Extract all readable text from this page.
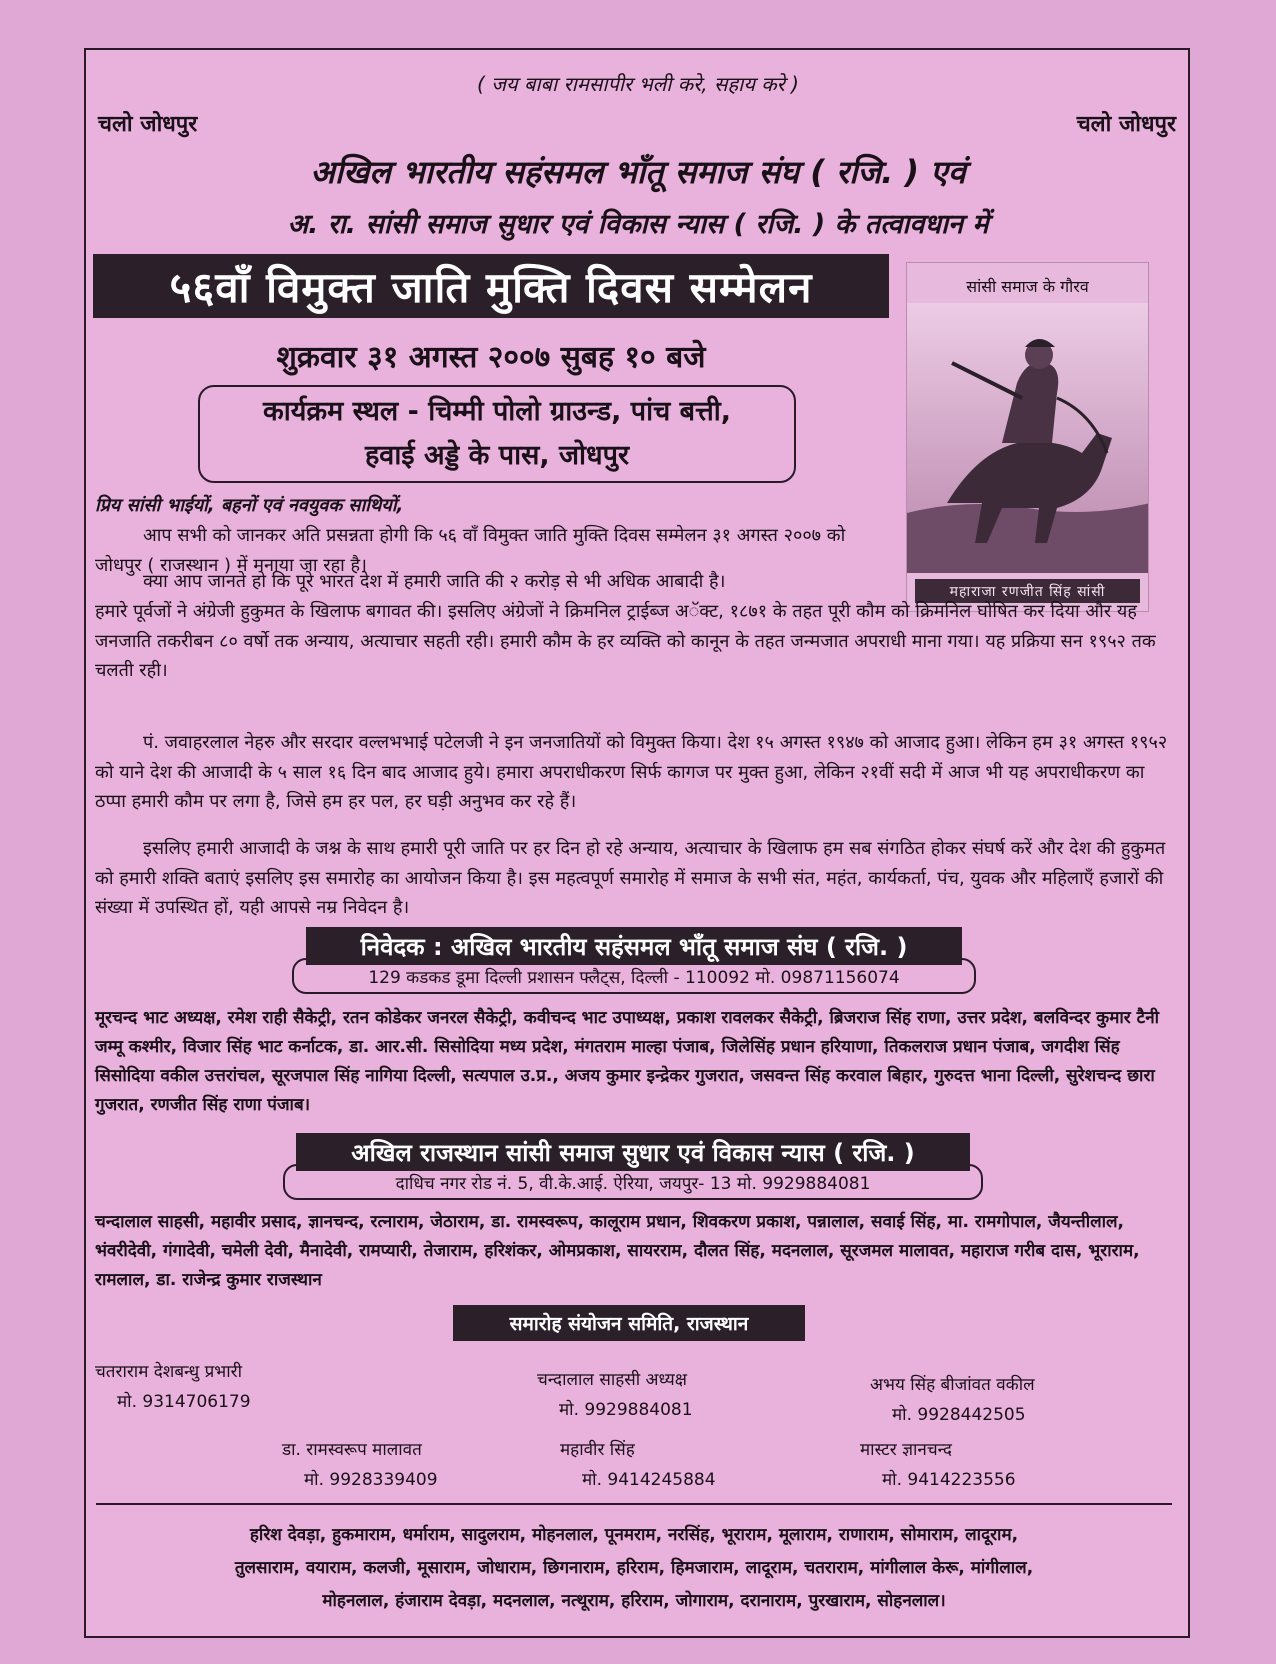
( जय बाबा रामसापीर भली करे, सहाय करे )

चलो जोधपुर	चलो जोधपुर

अखिल भारतीय सहंसमल भाँतू समाज संघ ( रजि. ) एवं

अ. रा. सांसी समाज सुधार एवं विकास न्यास ( रजि. ) के तत्वावधान में

५६वाँ विमुक्त जाति मुक्ति दिवस सम्मेलन

शुक्रवार ३१ अगस्त २००७ सुबह १० बजे

कार्यक्रम स्थल - चिम्मी पोलो ग्राउन्ड, पांच बत्ती,
हवाई अड्डे के पास, जोधपुर
सांसी समाज के गौरव
महाराजा रणजीत सिंह सांसी

प्रिय सांसी भाईयों, बहनों एवं नवयुवक साथियों,

आप सभी को जानकर अति प्रसन्नता होगी कि ५६ वाँ विमुक्त जाति मुक्ति दिवस सम्मेलन ३१ अगस्त २००७ को जोधपुर ( राजस्थान ) में मनाया जा रहा है।

क्या आप जानते हो कि पूरे भारत देश में हमारी जाति की २ करोड़ से भी अधिक आबादी है।

हमारे पूर्वजों ने अंग्रेजी हुकुमत के खिलाफ बगावत की। इसलिए अंग्रेजों ने क्रिमनिल ट्राईब्ज अॅक्ट, १८७१ के तहत पूरी कौम को क्रिमनिल घोषित कर दिया और यह जनजाति तकरीबन ८० वर्षो तक अन्याय, अत्याचार सहती रही। हमारी कौम के हर व्यक्ति को कानून के तहत जन्मजात अपराधी माना गया। यह प्रक्रिया सन १९५२ तक चलती रही।

पं. जवाहरलाल नेहरु और सरदार वल्लभभाई पटेलजी ने इन जनजातियों को विमुक्त किया। देश १५ अगस्त १९४७ को आजाद हुआ। लेकिन हम ३१ अगस्त १९५२ को याने देश की आजादी के ५ साल १६ दिन बाद आजाद हुये। हमारा अपराधीकरण सिर्फ कागज पर मुक्त हुआ, लेकिन २१वीं सदी में आज भी यह अपराधीकरण का ठप्पा हमारी कौम पर लगा है, जिसे हम हर पल, हर घड़ी अनुभव कर रहे हैं।

इसलिए हमारी आजादी के जश्न के साथ हमारी पूरी जाति पर हर दिन हो रहे अन्याय, अत्याचार के खिलाफ हम सब संगठित होकर संघर्ष करें और देश की हुकुमत को हमारी शक्ति बताएं इसलिए इस समारोह का आयोजन किया है। इस महत्वपूर्ण समारोह में समाज के सभी संत, महंत, कार्यकर्ता, पंच, युवक और महिलाएँ हजारों की संख्या में उपस्थित हों, यही आपसे नम्र निवेदन है।

129 कडकड डूमा दिल्ली प्रशासन फ्लैट्स, दिल्ली - 110092 मो. 09871156074
निवेदक : अखिल भारतीय सहंसमल भाँतू समाज संघ ( रजि. )

मूरचन्द भाट अध्यक्ष, रमेश राही सैकेट्री, रतन कोडेकर जनरल सैकेट्री, कवीचन्द भाट उपाध्यक्ष, प्रकाश रावलकर सैकेट्री, ब्रिजराज सिंह राणा, उत्तर प्रदेश, बलविन्दर कुमार टैनी जम्मू कश्मीर, विजार सिंह भाट कर्नाटक, डा. आर.सी. सिसोदिया मध्य प्रदेश, मंगतराम माल्हा पंजाब, जिलेसिंह प्रधान हरियाणा, तिकलराज प्रधान पंजाब, जगदीश सिंह सिसोदिया वकील उत्तरांचल, सूरजपाल सिंह नागिया दिल्ली, सत्यपाल उ.प्र., अजय कुमार इन्द्रेकर गुजरात, जसवन्त सिंह करवाल बिहार, गुरुदत्त भाना दिल्ली, सुरेशचन्द छारा गुजरात, रणजीत सिंह राणा पंजाब।

दाधिच नगर रोड नं. 5, वी.के.आई. ऐरिया, जयपुर- 13 मो. 9929884081
अखिल राजस्थान सांसी समाज सुधार एवं विकास न्यास ( रजि. )

चन्दालाल साहसी, महावीर प्रसाद, ज्ञानचन्द, रत्नाराम, जेठाराम, डा. रामस्वरूप, कालूराम प्रधान, शिवकरण प्रकाश, पन्नालाल, सवाई सिंह, मा. रामगोपाल, जैयन्तीलाल, भंवरीदेवी, गंगादेवी, चमेली देवी, मैनादेवी, रामप्यारी, तेजाराम, हरिशंकर, ओमप्रकाश, सायरराम, दौलत सिंह, मदनलाल, सूरजमल मालावत, महाराज गरीब दास, भूराराम, रामलाल, डा. राजेन्द्र कुमार राजस्थान

समारोह संयोजन समिति, राजस्थान
चतराराम देशबन्धु प्रभारी
मो. 9314706179
चन्दालाल साहसी अध्यक्ष
मो. 9929884081
अभय सिंह बीजांवत वकील
मो. 9928442505
डा. रामस्वरूप मालावत
मो. 9928339409
महावीर सिंह
मो. 9414245884
मास्टर ज्ञानचन्द
मो. 9414223556
हरिश देवड़ा, हुकमाराम, धर्माराम, सादुलराम, मोहनलाल, पूनमराम, नरसिंह, भूराराम, मूलाराम, राणाराम, सोमाराम, लादूराम,
तुलसाराम, वयाराम, कलजी, मूसाराम, जोधाराम, छिगनाराम, हरिराम, हिमजाराम, लादूराम, चतराराम, मांगीलाल केरू, मांगीलाल,
मोहनलाल, हंजाराम देवड़ा, मदनलाल, नत्थूराम, हरिराम, जोगाराम, दरानाराम, पुरखाराम, सोहनलाल।
